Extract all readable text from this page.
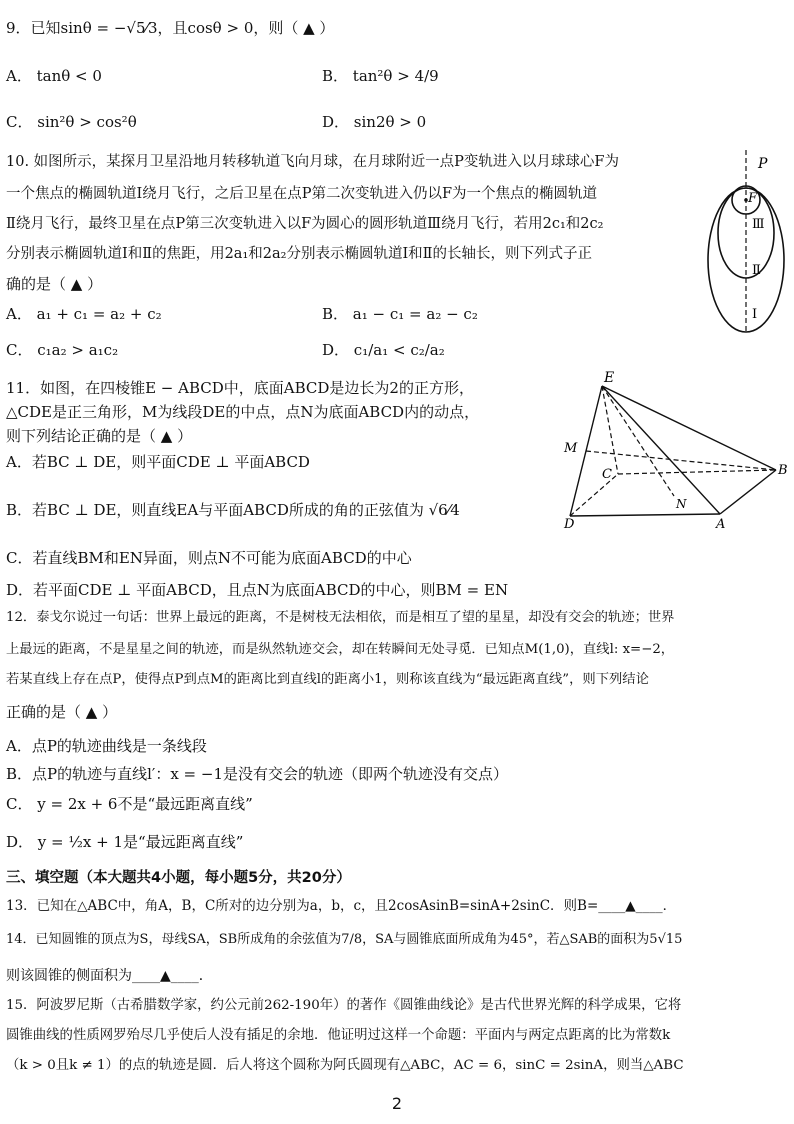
9．已知sinθ = −√5⁄3，且cosθ > 0，则（ ▲ ）
A． tanθ < 0	B． tan²θ > 4/9
C． sin²θ > cos²θ	D． sin2θ > 0
10. 如图所示，某探月卫星沿地月转移轨道飞向月球，在月球附近一点P变轨进入以月球球心F为
一个焦点的椭圆轨道Ⅰ绕月飞行，之后卫星在点P第二次变轨进入仍以F为一个焦点的椭圆轨道
Ⅱ绕月飞行，最终卫星在点P第三次变轨进入以F为圆心的圆形轨道Ⅲ绕月飞行，若用2c₁和2c₂
分别表示椭圆轨道Ⅰ和Ⅱ的焦距，用2a₁和2a₂分别表示椭圆轨道Ⅰ和Ⅱ的长轴长，则下列式子正
确的是（ ▲ ）
A． a₁ + c₁ = a₂ + c₂	B． a₁ − c₁ = a₂ − c₂
C． c₁a₂ > a₁c₂	D． c₁/a₁ < c₂/a₂
P
F
Ⅲ
Ⅱ
Ⅰ
11．如图，在四棱锥E − ABCD中，底面ABCD是边长为2的正方形，
△CDE是正三角形，M为线段DE的中点，点N为底面ABCD内的动点，
则下列结论正确的是（ ▲ ）
A．若BC ⊥ DE，则平面CDE ⊥ 平面ABCD
B．若BC ⊥ DE，则直线EA与平面ABCD所成的角的正弦值为 √6⁄4
C．若直线BM和EN异面，则点N不可能为底面ABCD的中心
D．若平面CDE ⊥ 平面ABCD，且点N为底面ABCD的中心，则BM = EN
E
M
C	B
N
D	A
12．泰戈尔说过一句话：世界上最远的距离，不是树枝无法相依，而是相互了望的星星，却没有交会的轨迹；世界
上最远的距离，不是星星之间的轨迹，而是纵然轨迹交会，却在转瞬间无处寻觅．已知点M(1,0)，直线l: x=−2，
若某直线上存在点P，使得点P到点M的距离比到直线l的距离小1，则称该直线为“最远距离直线”，则下列结论
正确的是（ ▲ ）
A．点P的轨迹曲线是一条线段
B．点P的轨迹与直线l′：x = −1是没有交会的轨迹（即两个轨迹没有交点）
C． y = 2x + 6不是“最远距离直线”
D． y = ½x + 1是“最远距离直线”
三、填空题（本大题共4小题，每小题5分，共20分）
13．已知在△ABC中，角A，B，C所对的边分别为a，b，c，且2cosAsinB=sinA+2sinC．则B=____▲____．
14．已知圆锥的顶点为S，母线SA，SB所成角的余弦值为7/8，SA与圆锥底面所成角为45°，若△SAB的面积为5√15
则该圆锥的侧面积为____▲____．
15．阿波罗尼斯（古希腊数学家，约公元前262-190年）的著作《圆锥曲线论》是古代世界光辉的科学成果，它将
圆锥曲线的性质网罗殆尽几乎使后人没有插足的余地．他证明过这样一个命题：平面内与两定点距离的比为常数k
（k > 0且k ≠ 1）的点的轨迹是圆．后人将这个圆称为阿氏圆现有△ABC，AC = 6，sinC = 2sinA，则当△ABC
2
